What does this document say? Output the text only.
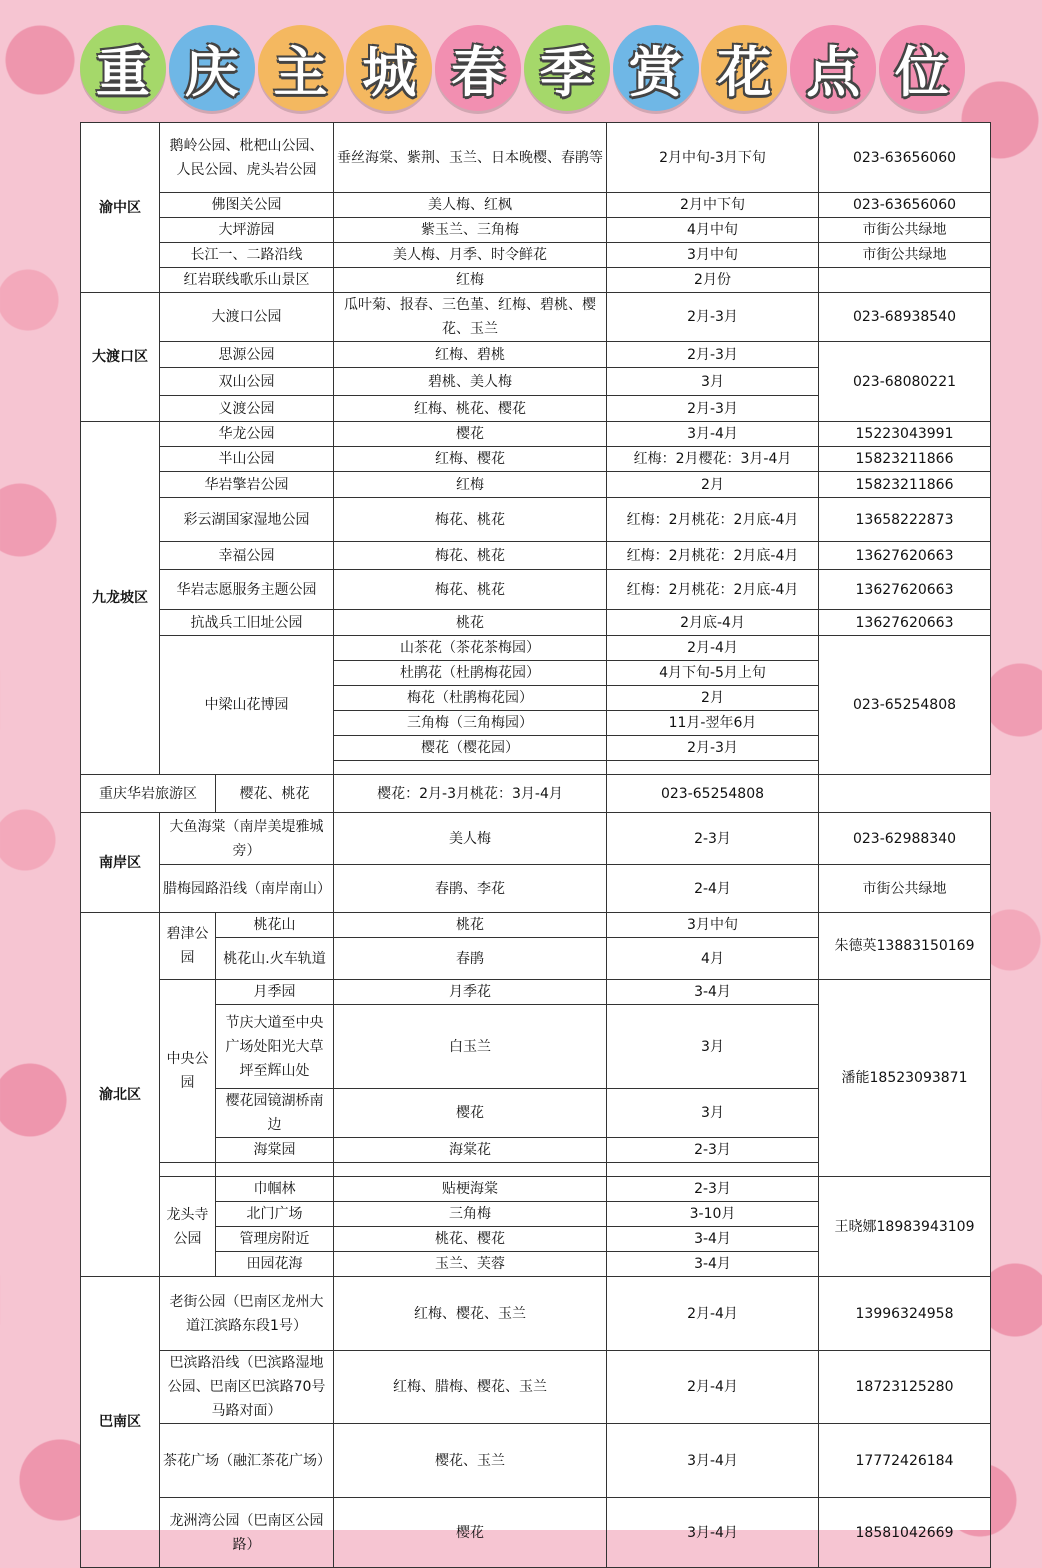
重 庆 主 城 春 季 赏 花 点 位
渝中区	鹅岭公园、枇杷山公园、人民公园、虎头岩公园		垂丝海棠、紫荆、玉兰、日本晚樱、春鹃等	2月中旬-3月下旬	023-63656060
	佛图关公园		美人梅、红枫	2月中下旬	023-63656060
	大坪游园		紫玉兰、三角梅	4月中旬	市街公共绿地
	长江一、二路沿线		美人梅、月季、时令鲜花	3月中旬	市街公共绿地
	红岩联线歌乐山景区		红梅	2月份	
大渡口区	大渡口公园		瓜叶菊、报春、三色堇、红梅、碧桃、樱花、玉兰	2月-3月	023-68938540
	思源公园		红梅、碧桃	2月-3月	023-68080221
	双山公园		碧桃、美人梅	3月	
	义渡公园		红梅、桃花、樱花	2月-3月	
九龙坡区	华龙公园		樱花	3月-4月	15223043991
	半山公园		红梅、樱花	红梅：2月樱花：3月-4月	15823211866
	华岩擎岩公园		红梅	2月	15823211866
	彩云湖国家湿地公园		梅花、桃花	红梅：2月桃花：2月底-4月	13658222873
	幸福公园		梅花、桃花	红梅：2月桃花：2月底-4月	13627620663
	华岩志愿服务主题公园		梅花、桃花	红梅：2月桃花：2月底-4月	13627620663
	抗战兵工旧址公园		桃花	2月底-4月	13627620663
	中梁山花博园		山茶花（茶花茶梅园）	2月-4月	023-65254808
			杜鹃花（杜鹃梅花园）	4月下旬-5月上旬	
			梅花（杜鹃梅花园）	2月	
			三角梅（三角梅园）	11月-翌年6月	
			樱花（樱花园）	2月-3月	

重庆华岩旅游区		樱花、桃花	樱花：2月-3月桃花：3月-4月	023-65254808	
南岸区	大鱼海棠（南岸美堤雅城旁）		美人梅	2-3月	023-62988340
	腊梅园路沿线（南岸南山）		春鹃、李花	2-4月	市街公共绿地
渝北区	碧津公园	桃花山	桃花	3月中旬	朱德英13883150169
		桃花山.火车轨道	春鹃	4月	
	中央公园	月季园	月季花	3-4月	潘能18523093871
		节庆大道至中央广场处阳光大草坪至辉山处	白玉兰	3月	
		樱花园镜湖桥南边	樱花	3月	
		海棠园	海棠花	2-3月	

	龙头寺公园	巾帼林	贴梗海棠	2-3月	王晓娜18983943109
		北门广场	三角梅	3-10月	
		管理房附近	桃花、樱花	3-4月	
		田园花海	玉兰、芙蓉	3-4月	
巴南区	老街公园（巴南区龙州大道江滨路东段1号）		红梅、樱花、玉兰	2月-4月	13996324958
	巴滨路沿线（巴滨路湿地公园、巴南区巴滨路70号马路对面）		红梅、腊梅、樱花、玉兰	2月-4月	18723125280
	茶花广场（融汇茶花广场）		樱花、玉兰	3月-4月	17772426184
	龙洲湾公园（巴南区公园路）		樱花	3月-4月	18581042669
